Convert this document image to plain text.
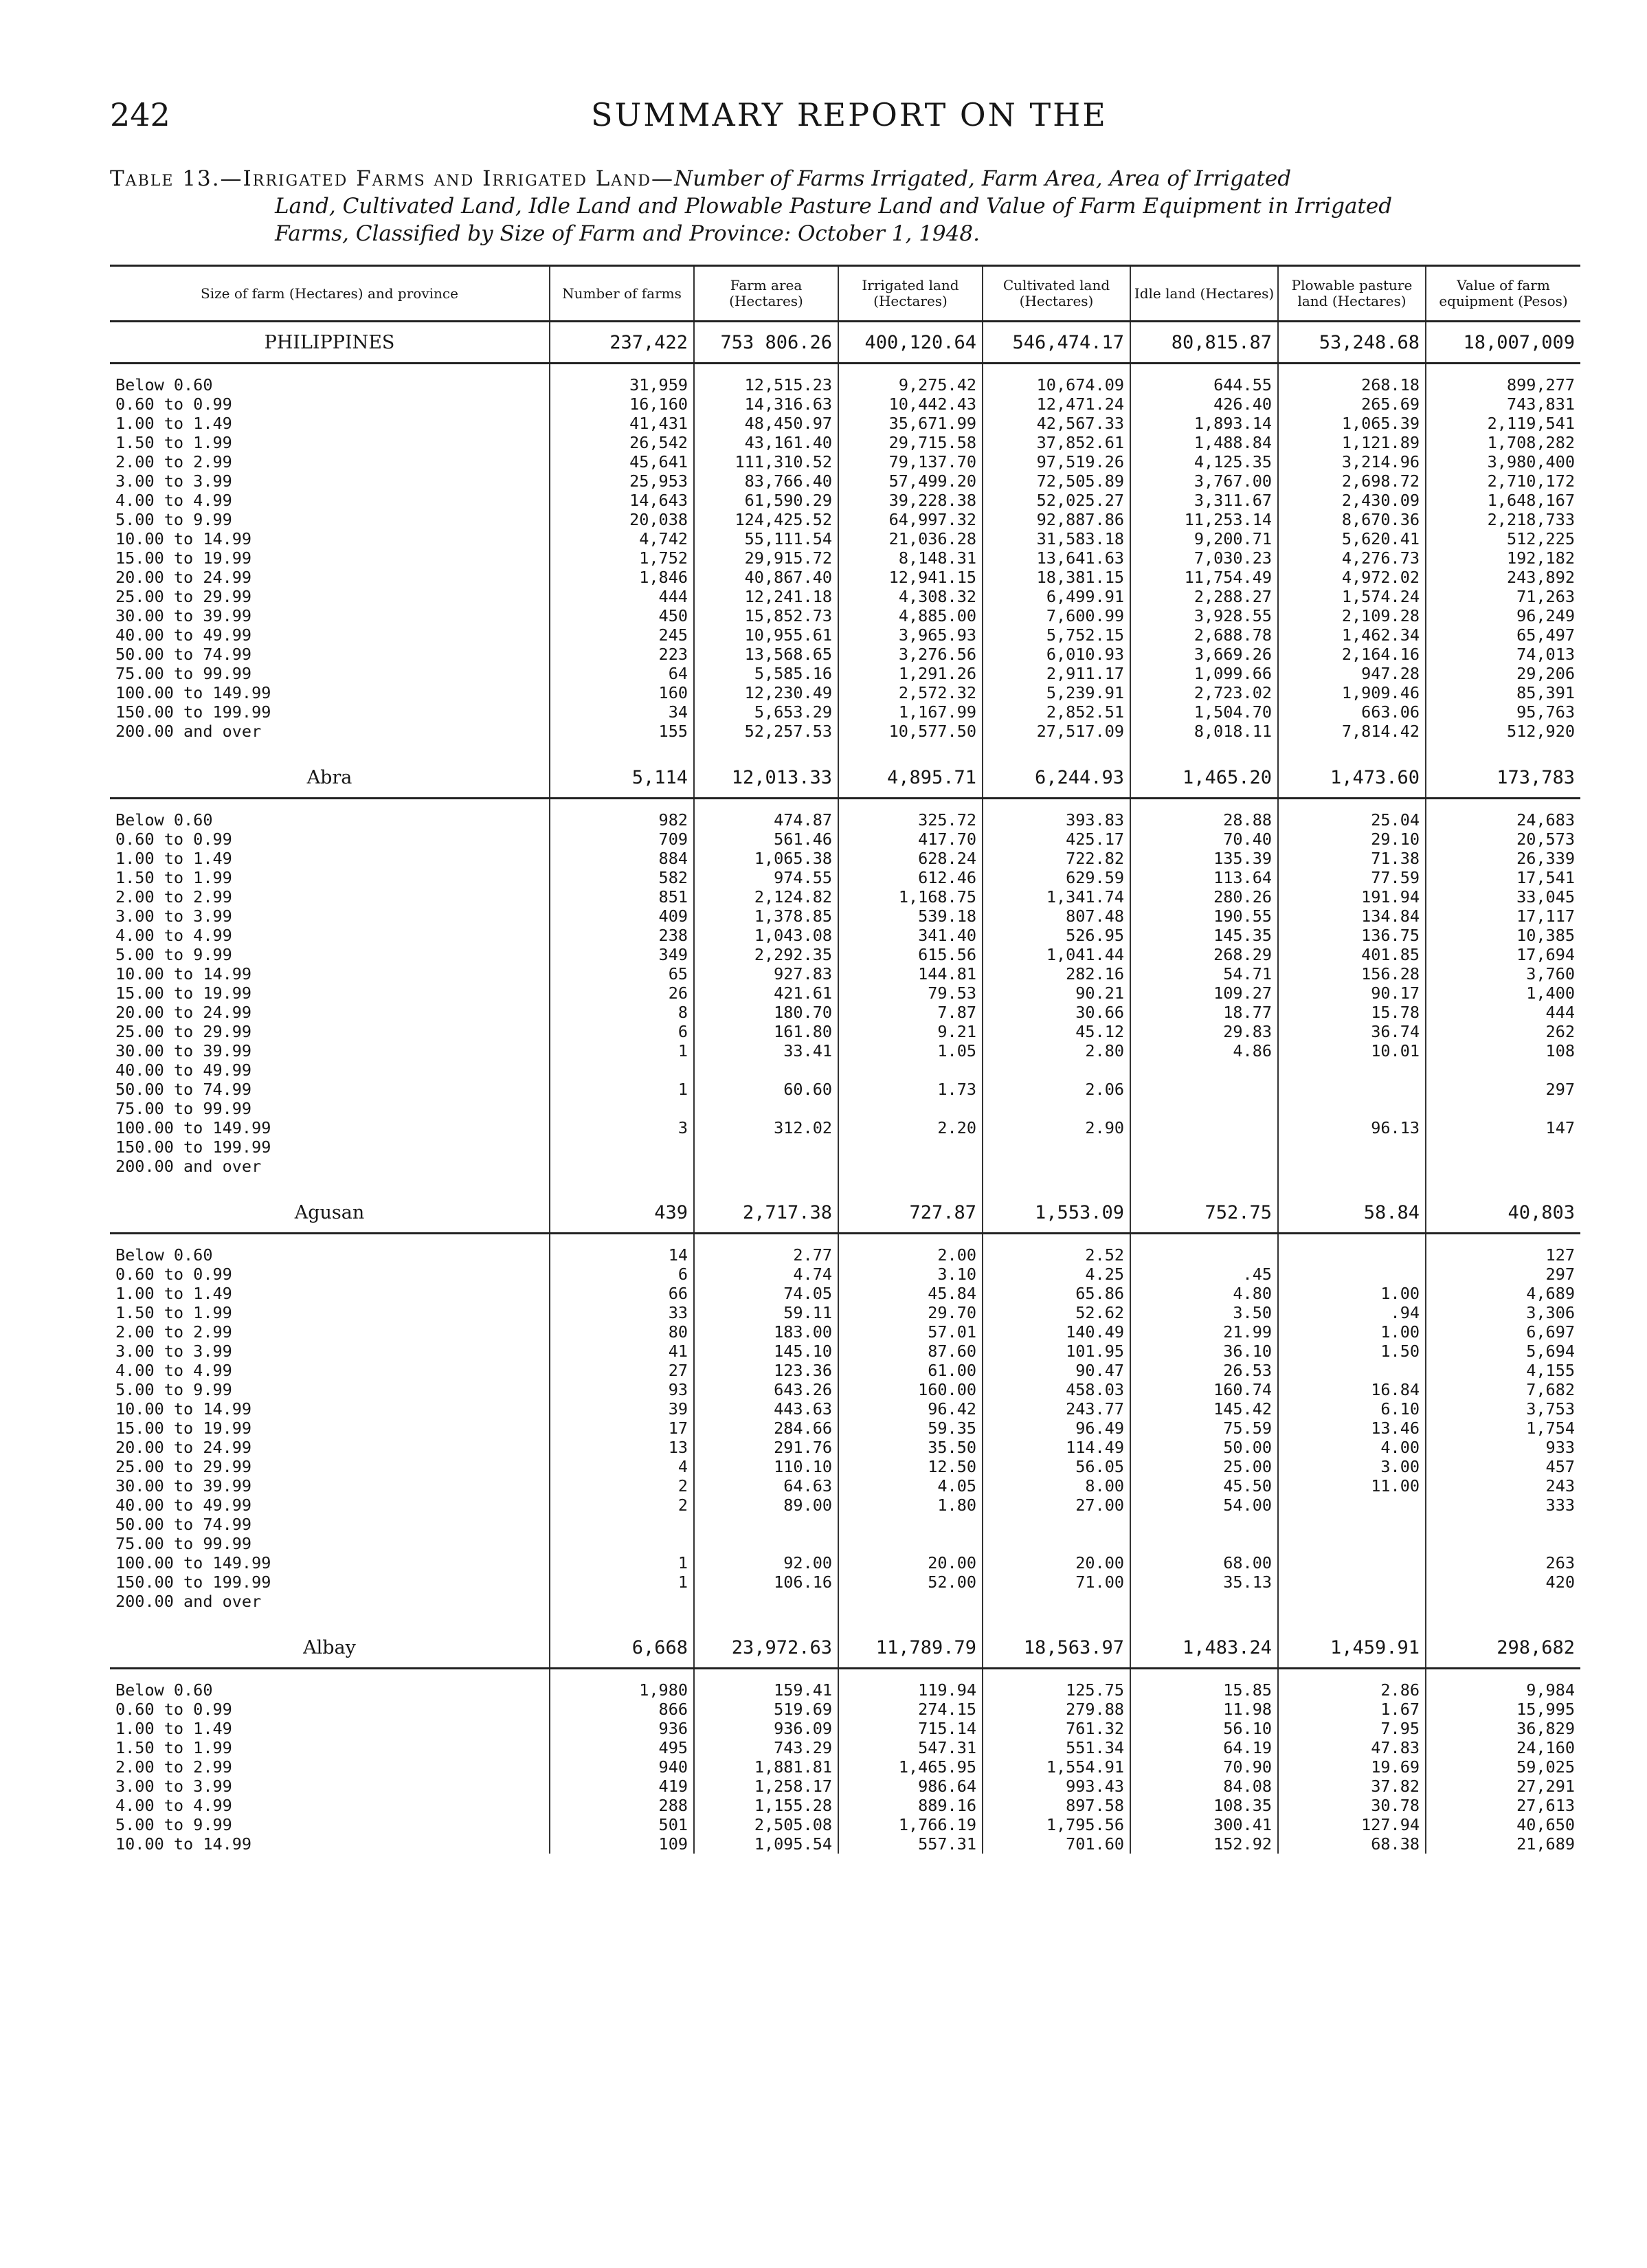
242	SUMMARY REPORT ON THE
Table 13.—Irrigated Farms and Irrigated Land—Number of Farms Irrigated, Farm Area, Area of Irrigated
Land, Cultivated Land, Idle Land and Plowable Pasture Land and Value of Farm Equipment in Irrigated
Farms, Classified by Size of Farm and Province: October 1, 1948.
Size of farm (Hectares) and province	Number of farms	Farm area (Hectares)	Irrigated land (Hectares)	Cultivated land (Hectares)	Idle land (Hectares)	Plowable pasture land (Hectares)	Value of farm equipment (Pesos)
PHILIPPINES	237,422	753 806.26	400,120.64	546,474.17	80,815.87	53,248.68	18,007,009

Below 0.60	31,959	12,515.23	9,275.42	10,674.09	644.55	268.18	899,277
0.60 to 0.99	16,160	14,316.63	10,442.43	12,471.24	426.40	265.69	743,831
1.00 to 1.49	41,431	48,450.97	35,671.99	42,567.33	1,893.14	1,065.39	2,119,541
1.50 to 1.99	26,542	43,161.40	29,715.58	37,852.61	1,488.84	1,121.89	1,708,282
2.00 to 2.99	45,641	111,310.52	79,137.70	97,519.26	4,125.35	3,214.96	3,980,400
3.00 to 3.99	25,953	83,766.40	57,499.20	72,505.89	3,767.00	2,698.72	2,710,172
4.00 to 4.99	14,643	61,590.29	39,228.38	52,025.27	3,311.67	2,430.09	1,648,167
5.00 to 9.99	20,038	124,425.52	64,997.32	92,887.86	11,253.14	8,670.36	2,218,733
10.00 to 14.99	4,742	55,111.54	21,036.28	31,583.18	9,200.71	5,620.41	512,225
15.00 to 19.99	1,752	29,915.72	8,148.31	13,641.63	7,030.23	4,276.73	192,182
20.00 to 24.99	1,846	40,867.40	12,941.15	18,381.15	11,754.49	4,972.02	243,892
25.00 to 29.99	444	12,241.18	4,308.32	6,499.91	2,288.27	1,574.24	71,263
30.00 to 39.99	450	15,852.73	4,885.00	7,600.99	3,928.55	2,109.28	96,249
40.00 to 49.99	245	10,955.61	3,965.93	5,752.15	2,688.78	1,462.34	65,497
50.00 to 74.99	223	13,568.65	3,276.56	6,010.93	3,669.26	2,164.16	74,013
75.00 to 99.99	64	5,585.16	1,291.26	2,911.17	1,099.66	947.28	29,206
100.00 to 149.99	160	12,230.49	2,572.32	5,239.91	2,723.02	1,909.46	85,391
150.00 to 199.99	34	5,653.29	1,167.99	2,852.51	1,504.70	663.06	95,763
200.00 and over	155	52,257.53	10,577.50	27,517.09	8,018.11	7,814.42	512,920

Abra	5,114	12,013.33	4,895.71	6,244.93	1,465.20	1,473.60	173,783

Below 0.60	982	474.87	325.72	393.83	28.88	25.04	24,683
0.60 to 0.99	709	561.46	417.70	425.17	70.40	29.10	20,573
1.00 to 1.49	884	1,065.38	628.24	722.82	135.39	71.38	26,339
1.50 to 1.99	582	974.55	612.46	629.59	113.64	77.59	17,541
2.00 to 2.99	851	2,124.82	1,168.75	1,341.74	280.26	191.94	33,045
3.00 to 3.99	409	1,378.85	539.18	807.48	190.55	134.84	17,117
4.00 to 4.99	238	1,043.08	341.40	526.95	145.35	136.75	10,385
5.00 to 9.99	349	2,292.35	615.56	1,041.44	268.29	401.85	17,694
10.00 to 14.99	65	927.83	144.81	282.16	54.71	156.28	3,760
15.00 to 19.99	26	421.61	79.53	90.21	109.27	90.17	1,400
20.00 to 24.99	8	180.70	7.87	30.66	18.77	15.78	444
25.00 to 29.99	6	161.80	9.21	45.12	29.83	36.74	262
30.00 to 39.99	1	33.41	1.05	2.80	4.86	10.01	108
40.00 to 49.99							
50.00 to 74.99	1	60.60	1.73	2.06			297
75.00 to 99.99							
100.00 to 149.99	3	312.02	2.20	2.90		96.13	147
150.00 to 199.99							
200.00 and over							

Agusan	439	2,717.38	727.87	1,553.09	752.75	58.84	40,803

Below 0.60	14	2.77	2.00	2.52			127
0.60 to 0.99	6	4.74	3.10	4.25	.45		297
1.00 to 1.49	66	74.05	45.84	65.86	4.80	1.00	4,689
1.50 to 1.99	33	59.11	29.70	52.62	3.50	.94	3,306
2.00 to 2.99	80	183.00	57.01	140.49	21.99	1.00	6,697
3.00 to 3.99	41	145.10	87.60	101.95	36.10	1.50	5,694
4.00 to 4.99	27	123.36	61.00	90.47	26.53		4,155
5.00 to 9.99	93	643.26	160.00	458.03	160.74	16.84	7,682
10.00 to 14.99	39	443.63	96.42	243.77	145.42	6.10	3,753
15.00 to 19.99	17	284.66	59.35	96.49	75.59	13.46	1,754
20.00 to 24.99	13	291.76	35.50	114.49	50.00	4.00	933
25.00 to 29.99	4	110.10	12.50	56.05	25.00	3.00	457
30.00 to 39.99	2	64.63	4.05	8.00	45.50	11.00	243
40.00 to 49.99	2	89.00	1.80	27.00	54.00		333
50.00 to 74.99							
75.00 to 99.99							
100.00 to 149.99	1	92.00	20.00	20.00	68.00		263
150.00 to 199.99	1	106.16	52.00	71.00	35.13		420
200.00 and over							

Albay	6,668	23,972.63	11,789.79	18,563.97	1,483.24	1,459.91	298,682

Below 0.60	1,980	159.41	119.94	125.75	15.85	2.86	9,984
0.60 to 0.99	866	519.69	274.15	279.88	11.98	1.67	15,995
1.00 to 1.49	936	936.09	715.14	761.32	56.10	7.95	36,829
1.50 to 1.99	495	743.29	547.31	551.34	64.19	47.83	24,160
2.00 to 2.99	940	1,881.81	1,465.95	1,554.91	70.90	19.69	59,025
3.00 to 3.99	419	1,258.17	986.64	993.43	84.08	37.82	27,291
4.00 to 4.99	288	1,155.28	889.16	897.58	108.35	30.78	27,613
5.00 to 9.99	501	2,505.08	1,766.19	1,795.56	300.41	127.94	40,650
10.00 to 14.99	109	1,095.54	557.31	701.60	152.92	68.38	21,689
